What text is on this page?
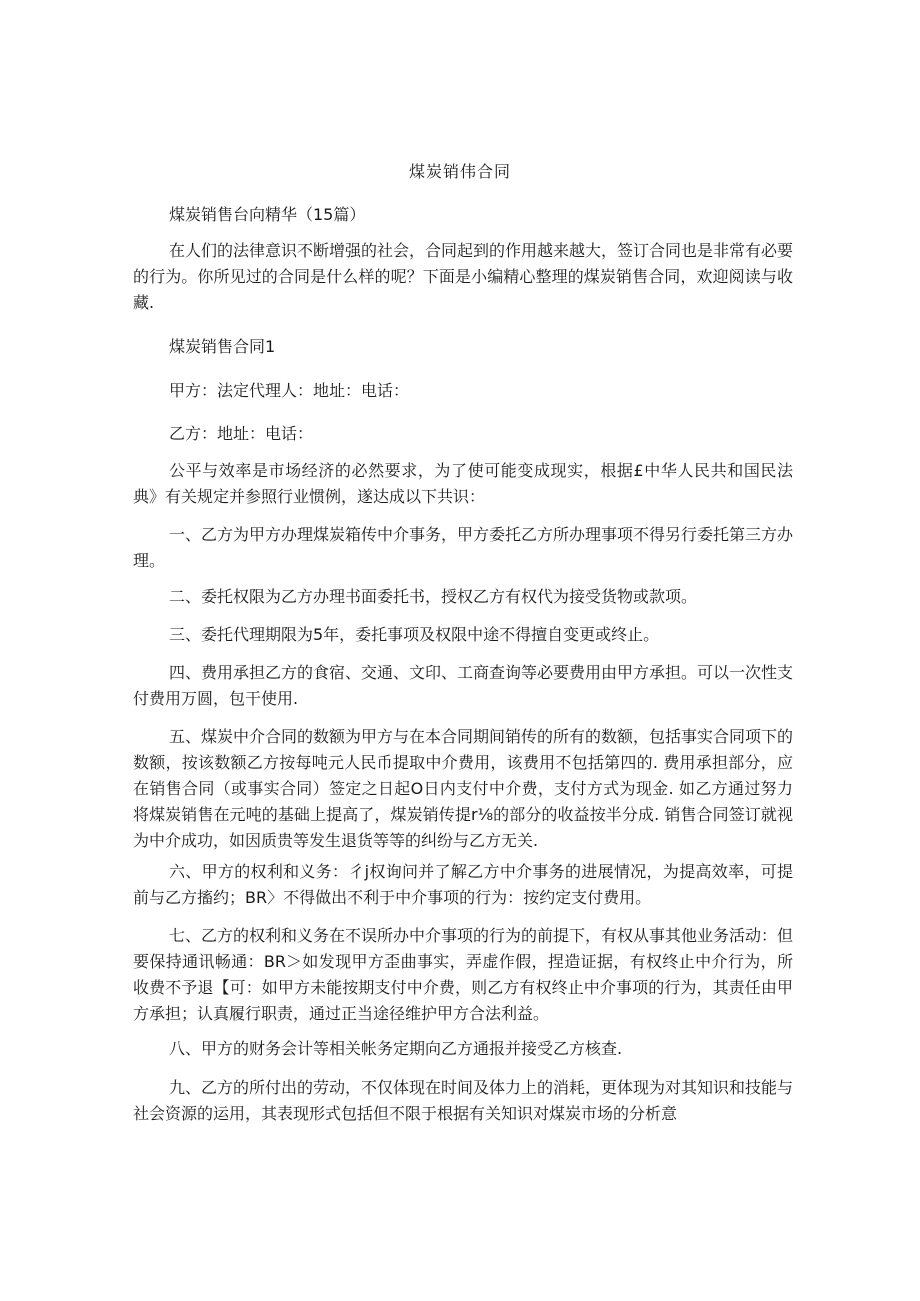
煤炭销伟合同
煤炭销售台向精华（15篇）
在人们的法律意识不断增强的社会，合同起到的作用越来越大，签订合同也是非常有必要的行为。你所见过的合同是什么样的呢？下面是小编精心整理的煤炭销售合同，欢迎阅读与收藏.
煤炭销售合同1
甲方：法定代理人：地址：电话：
乙方：地址：电话：
公平与效率是市场经济的必然要求，为了使可能变成现实，根据£中华人民共和国民法典》有关规定并参照行业惯例，遂达成以下共识：
一、乙方为甲方办理煤炭箱传中介事务，甲方委托乙方所办理事项不得另行委托第三方办理。
二、委托权限为乙方办理书面委托书，授权乙方有权代为接受货物或款项。
三、委托代理期限为5年，委托事项及权限中途不得擅自变更或终止。
四、费用承担乙方的食宿、交通、文印、工商查询等必要费用由甲方承担。可以一次性支付费用万圆，包干使用.
五、煤炭中介合同的数额为甲方与在本合同期间销传的所有的数额，包括事实合同项下的数额，按该数额乙方按每吨元人民币提取中介费用，该费用不包括第四的. 费用承担部分，应在销售合同（或事实合同）签定之日起O日内支付中介费，支付方式为现金. 如乙方通过努力将煤炭销售在元吨的基础上提高了，煤炭销传提r⅛的部分的收益按半分成. 销售合同签订就视为中介成功，如因质贵等发生退货等等的纠纷与乙方无关.
六、甲方的权利和义务：彳j权询问并了解乙方中介事务的进展情况，为提高效率，可提前与乙方搐约；BR〉不得做出不利于中介事项的行为：按约定支付费用。
七、乙方的权利和义务在不误所办中介事项的行为的前提下，有权从事其他业务活动：但要保持通讯畅通：BR＞如发现甲方歪曲事实，弄虚作假，捏造证据，有权终止中介行为，所收费不予退【可：如甲方未能按期支付中介费，则乙方有权终止中介事项的行为，其责任由甲方承担；认真履行职责，通过正当途径维护甲方合法利益。
八、甲方的财务会计等相关帐务定期向乙方通报并接受乙方核查.
九、乙方的所付出的劳动，不仅体现在时间及体力上的消耗，更体现为对其知识和技能与社会资源的运用，其表现形式包括但不限于根据有关知识对煤炭市场的分析意
